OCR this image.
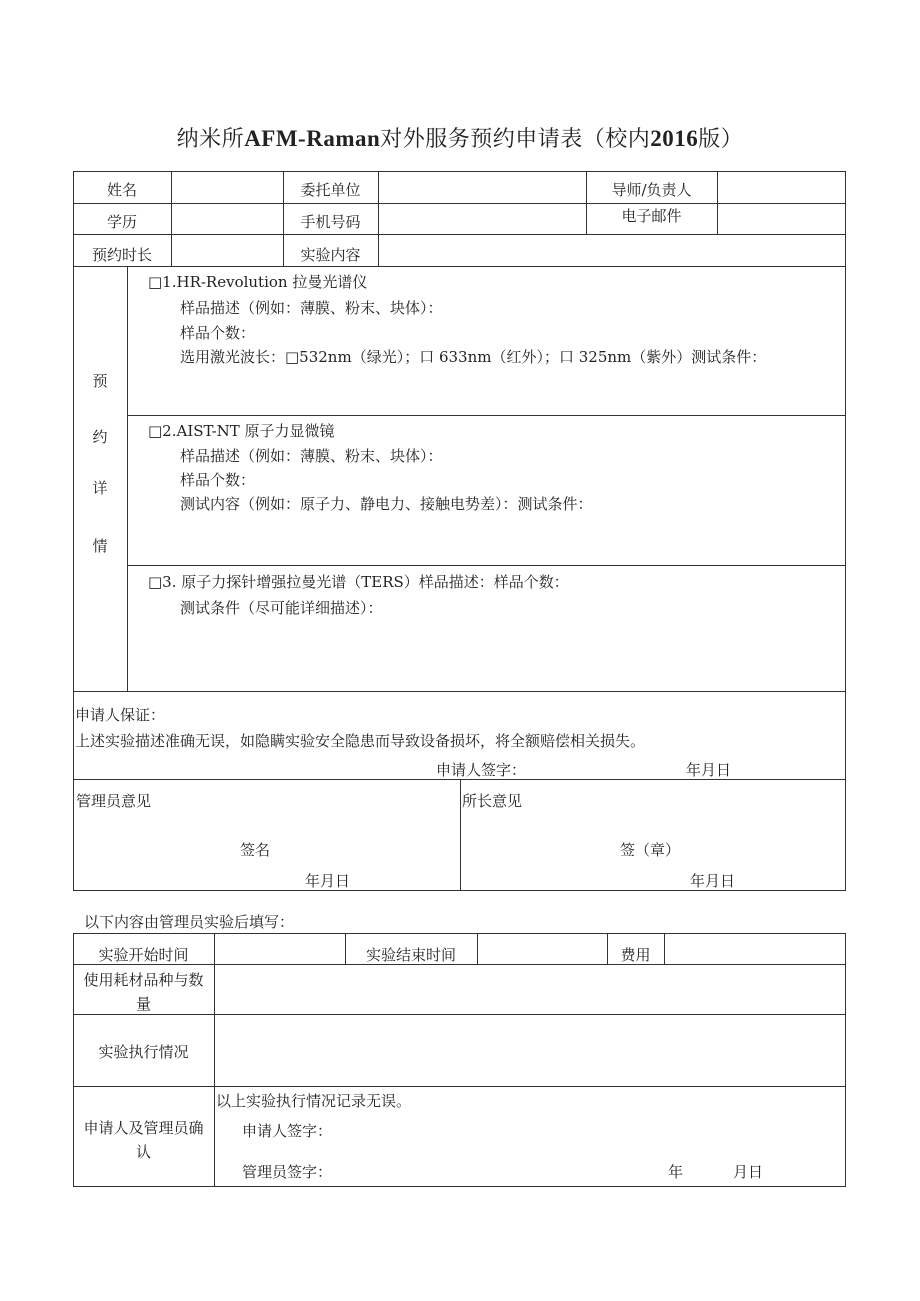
纳米所AFM-Raman对外服务预约申请表（校内2016版）
姓名	委托单位	导师/负责人
学历	手机号码	电子邮件
预约时长	实验内容
预
约
详
情
□1.HR-Revolution 拉曼光谱仪
样品描述（例如：薄膜、粉末、块体）：
样品个数：
选用激光波长：□532nm（绿光）；口 633nm（红外）；口 325nm（紫外）测试条件：
□2.AIST-NT 原子力显微镜
样品描述（例如：薄膜、粉末、块体）：
样品个数：
测试内容（例如：原子力、静电力、接触电势差）：测试条件：
□3. 原子力探针增强拉曼光谱（TERS）样品描述：样品个数：
测试条件（尽可能详细描述）：
申请人保证：
上述实验描述准确无误，如隐瞒实验安全隐患而导致设备损坏，将全额赔偿相关损失。
申请人签字：	年月日
管理员意见
签名
年月日
所长意见
签（章）
年月日
以下内容由管理员实验后填写：
实验开始时间	实验结束时间	费用
使用耗材品种与数
量
实验执行情况
申请人及管理员确
认
以上实验执行情况记录无误。
申请人签字：
管理员签字：	年	月日
